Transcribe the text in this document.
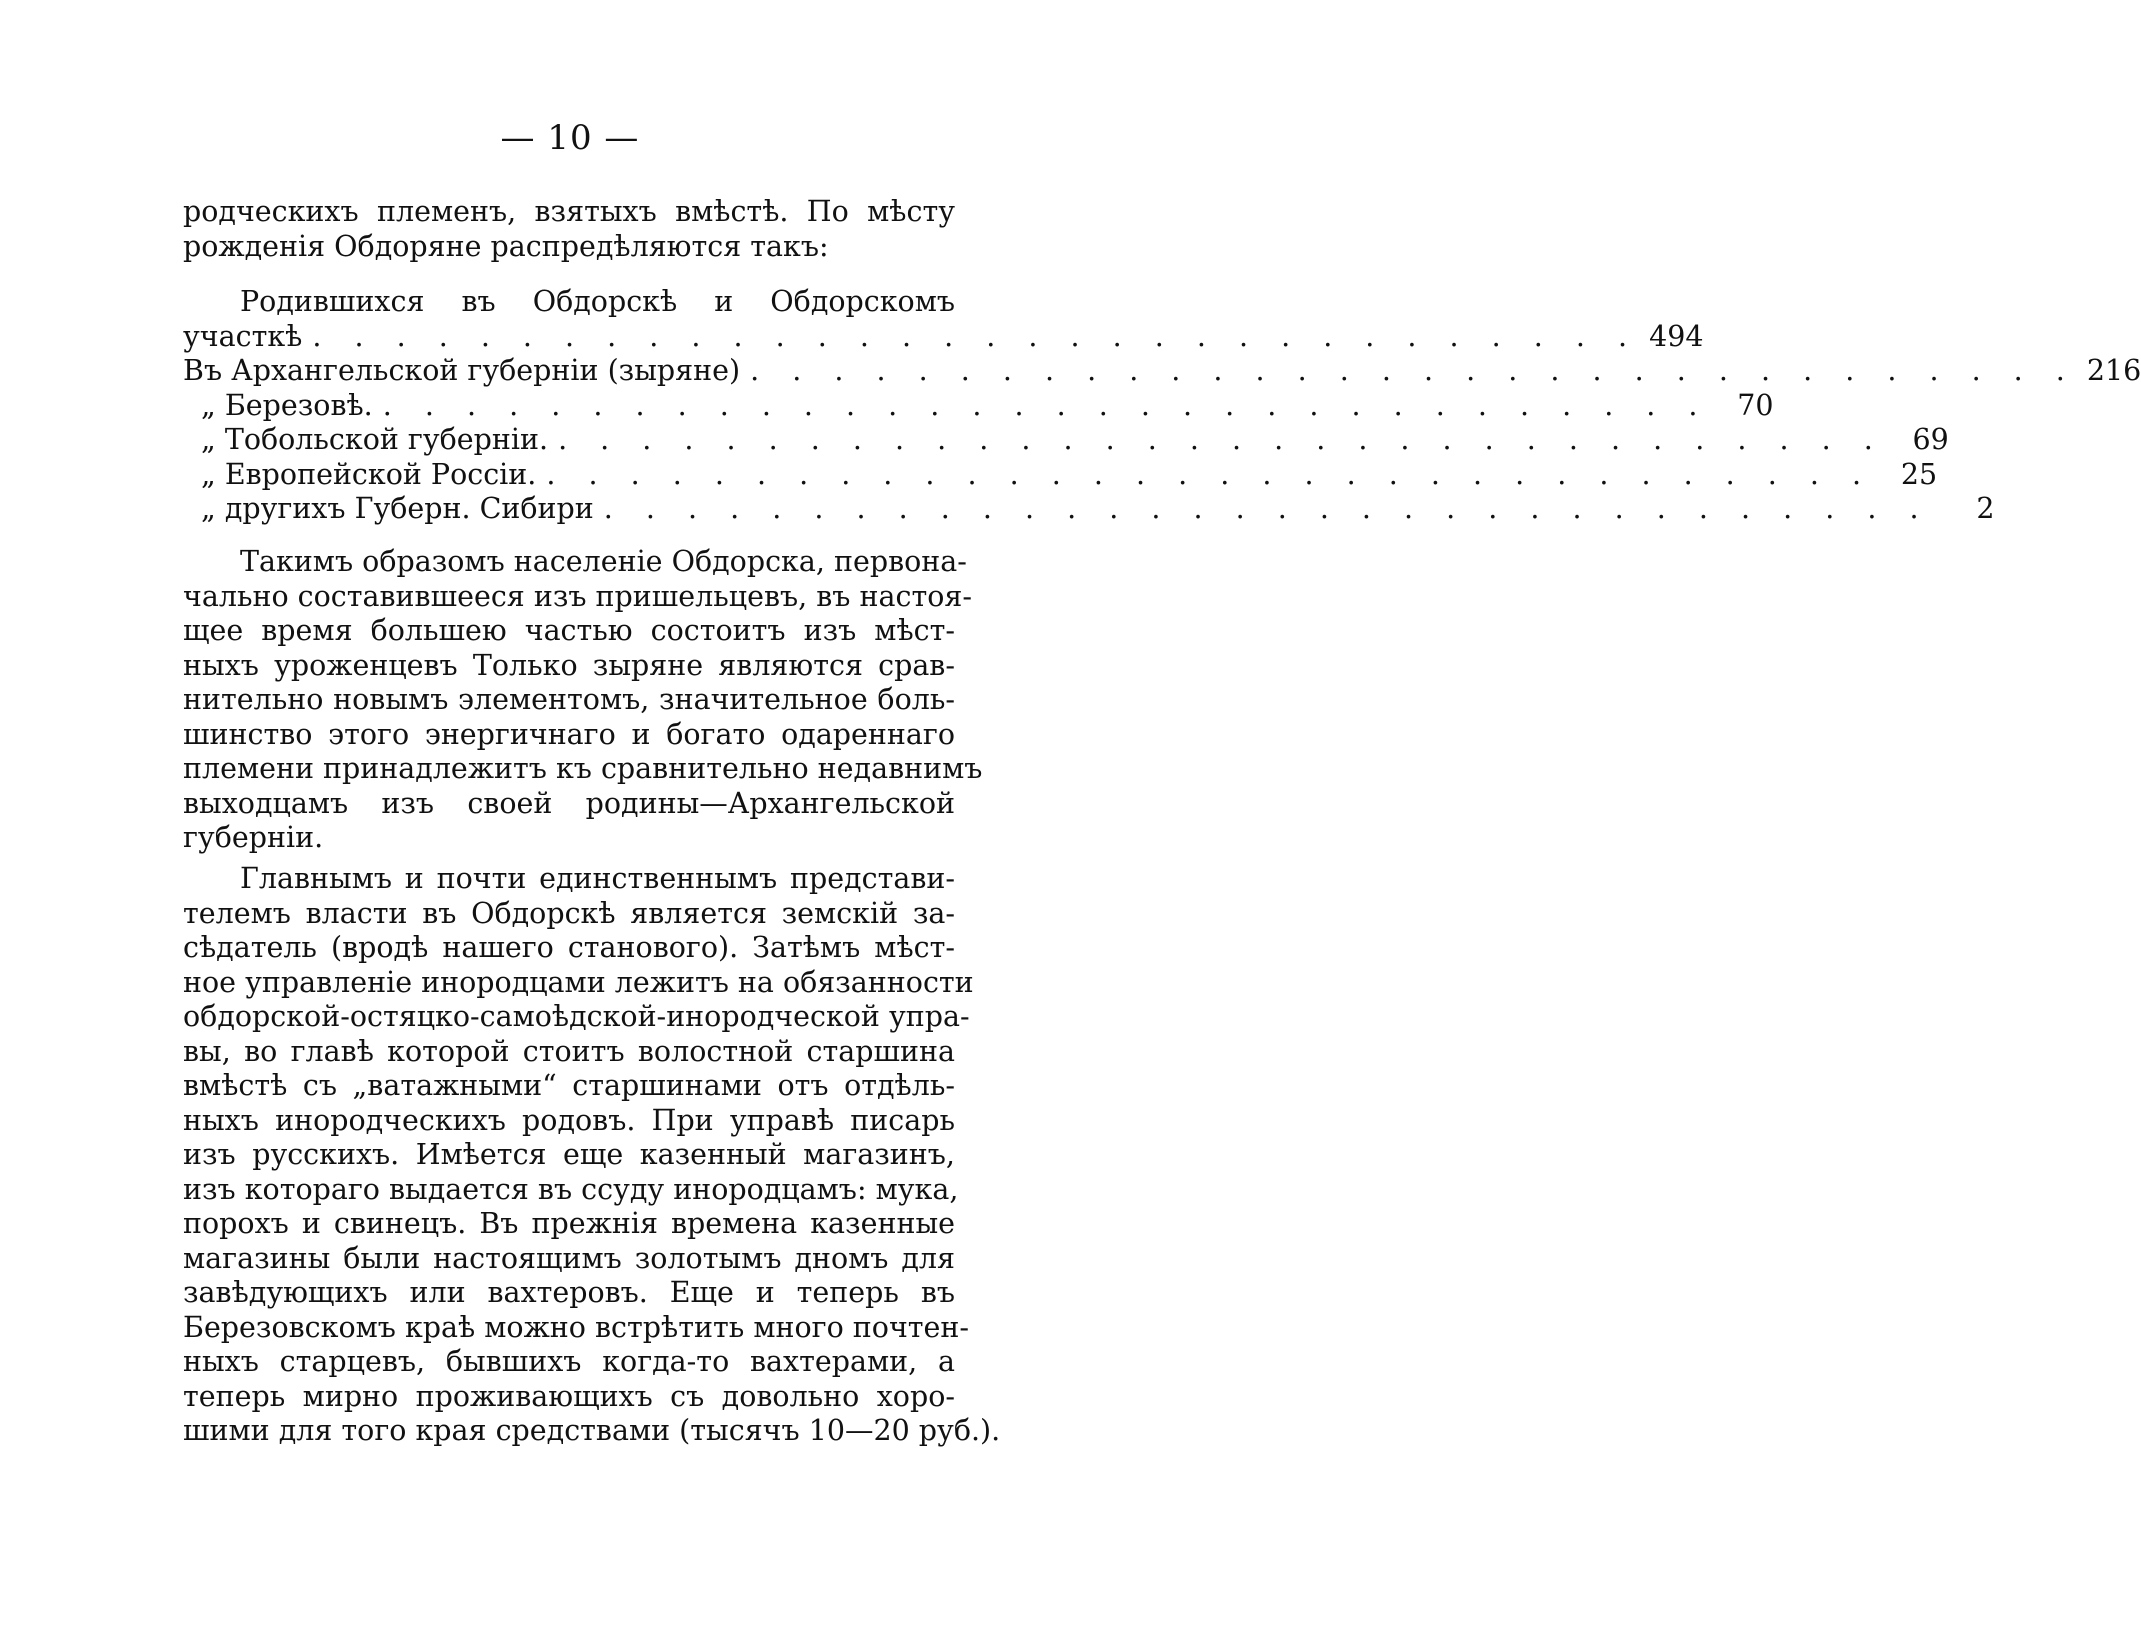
— 10 —
родческихъ племенъ, взятыхъ вмѣстѣ. По мѣсту
рожденія Обдоряне распредѣляются такъ:
Родившихся въ Обдорскѣ и Обдорскомъ
участкѣ . . . . . . . . . . . . . . . . . . . . . . . . . . . . . . . . 494
Въ Архангельской губерніи (зыряне) . . . . . . . . . . . . . . . . . . . . . . . . . . . . . . . . 216
„ Березовѣ. . . . . . . . . . . . . . . . . . . . . . . . . . . . . . . . . 70
„ Тобольской губерніи. . . . . . . . . . . . . . . . . . . . . . . . . . . . . . . . . 69
„ Европейской Россіи. . . . . . . . . . . . . . . . . . . . . . . . . . . . . . . . . 25
„ другихъ Губерн. Сибири . . . . . . . . . . . . . . . . . . . . . . . . . . . . . . . .	2
Такимъ образомъ населеніе Обдорска, первона-
чально составившееся изъ пришельцевъ, въ настоя-
щее время большею частью состоитъ изъ мѣст-
ныхъ уроженцевъ Только зыряне являются срав-
нительно новымъ элементомъ, значительное боль-
шинство этого энергичнаго и богато одареннаго
племени принадлежитъ къ сравнительно недавнимъ
выходцамъ изъ своей родины—Архангельской
губерніи.
Главнымъ и почти единственнымъ представи-
телемъ власти въ Обдорскѣ является земскій за-
сѣдатель (вродѣ нашего станового). Затѣмъ мѣст-
ное управленіе инородцами лежитъ на обязанности
обдорской-остяцко-самоѣдской-инородческой упра-
вы, во главѣ которой стоитъ волостной старшина
вмѣстѣ съ „ватажными“ старшинами отъ отдѣль-
ныхъ инородческихъ родовъ. При управѣ писарь
изъ русскихъ. Имѣется еще казенный магазинъ,
изъ котораго выдается въ ссуду инородцамъ: мука,
порохъ и свинецъ. Въ прежнія времена казенные
магазины были настоящимъ золотымъ дномъ для
завѣдующихъ или вахтеровъ. Еще и теперь въ
Березовскомъ краѣ можно встрѣтить много почтен-
ныхъ старцевъ, бывшихъ когда-то вахтерами, а
теперь мирно проживающихъ съ довольно хоро-
шими для того края средствами (тысячъ 10—20 руб.).
